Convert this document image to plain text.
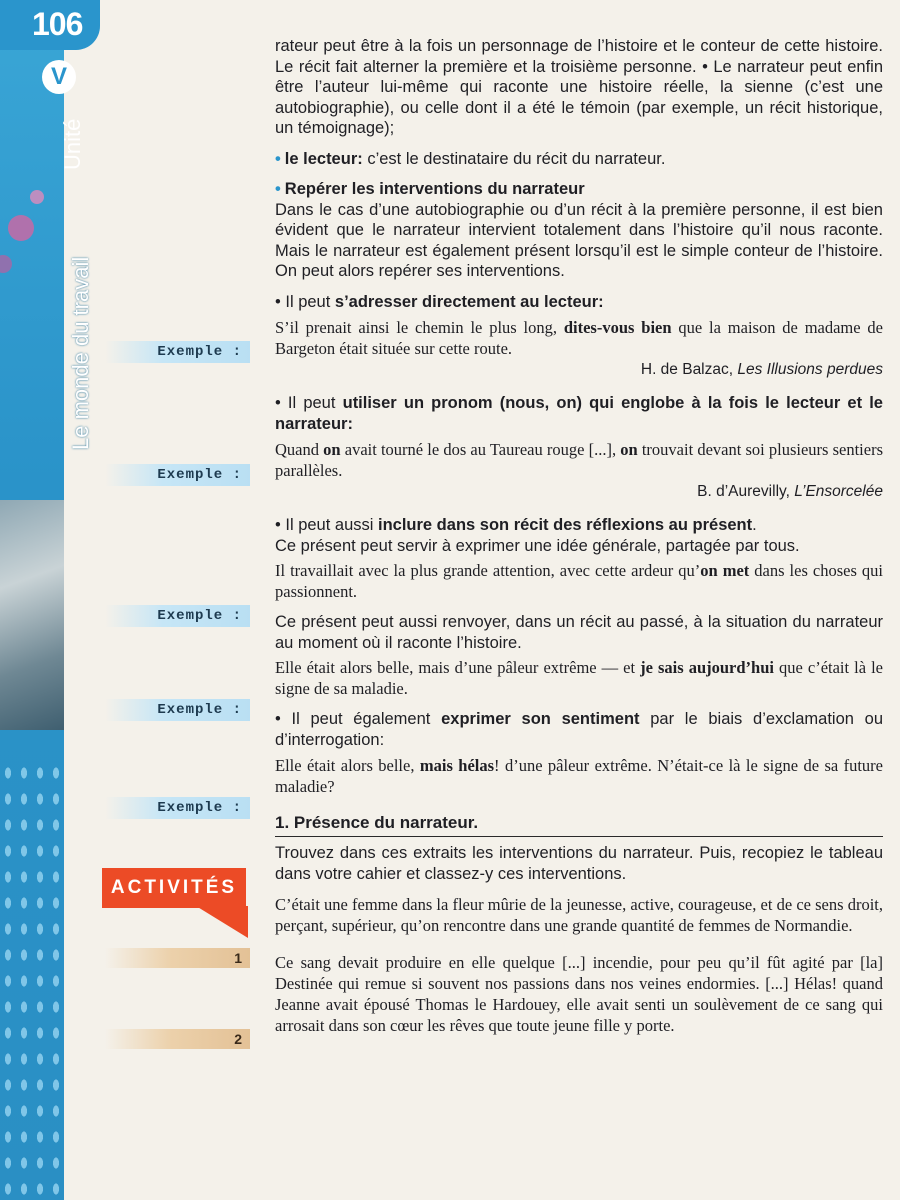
106
V
Unité
Le monde du travail	Exemple :
Exemple :
Exemple :
Exemple :
Exemple :
ACTIVITÉS
1
2

rateur peut être à la fois un personnage de l’histoire et le conteur de cette histoire. Le récit fait alterner la première et la troisième personne. • Le narrateur peut enfin être l’auteur lui-même qui raconte une histoire réelle, la sienne (c’est une autobiographie), ou celle dont il a été le témoin (par exemple, un récit historique, un témoignage);

• le lecteur: c’est le destinataire du récit du narrateur.

• Repérer les interventions du narrateur

Dans le cas d’une autobiographie ou d’un récit à la première personne, il est bien évident que le narrateur intervient totalement dans l’histoire qu’il nous raconte. Mais le narrateur est également présent lorsqu’il est le simple conteur de l’histoire. On peut alors repérer ses interventions.

• Il peut s’adresser directement au lecteur:

S’il prenait ainsi le chemin le plus long, dites-vous bien que la maison de madame de Bargeton était située sur cette route.

H. de Balzac, Les Illusions perdues

• Il peut utiliser un pronom (nous, on) qui englobe à la fois le lecteur et le narrateur:

Quand on avait tourné le dos au Taureau rouge [...], on trouvait devant soi plusieurs sentiers parallèles.

B. d’Aurevilly, L’Ensorcelée

• Il peut aussi inclure dans son récit des réflexions au présent.

Ce présent peut servir à exprimer une idée générale, partagée par tous.

Il travaillait avec la plus grande attention, avec cette ardeur qu’on met dans les choses qui passionnent.

Ce présent peut aussi renvoyer, dans un récit au passé, à la situation du narrateur au moment où il raconte l’histoire.

Elle était alors belle, mais d’une pâleur extrême — et je sais aujourd’hui que c’était là le signe de sa maladie.

• Il peut également exprimer son sentiment par le biais d’exclamation ou d’interrogation:

Elle était alors belle, mais hélas! d’une pâleur extrême. N’était-ce là le signe de sa future maladie?

1. Présence du narrateur.

Trouvez dans ces extraits les interventions du narrateur. Puis, recopiez le tableau dans votre cahier et classez-y ces interventions.

C’était une femme dans la fleur mûrie de la jeunesse, active, courageuse, et de ce sens droit, perçant, supérieur, qu’on rencontre dans une grande quantité de femmes de Normandie.

Ce sang devait produire en elle quelque [...] incendie, pour peu qu’il fût agité par [la] Destinée qui remue si souvent nos passions dans nos veines endormies. [...] Hélas! quand Jeanne avait épousé Thomas le Hardouey, elle avait senti un soulèvement de ce sang qui arrosait dans son cœur les rêves que toute jeune fille y porte.
